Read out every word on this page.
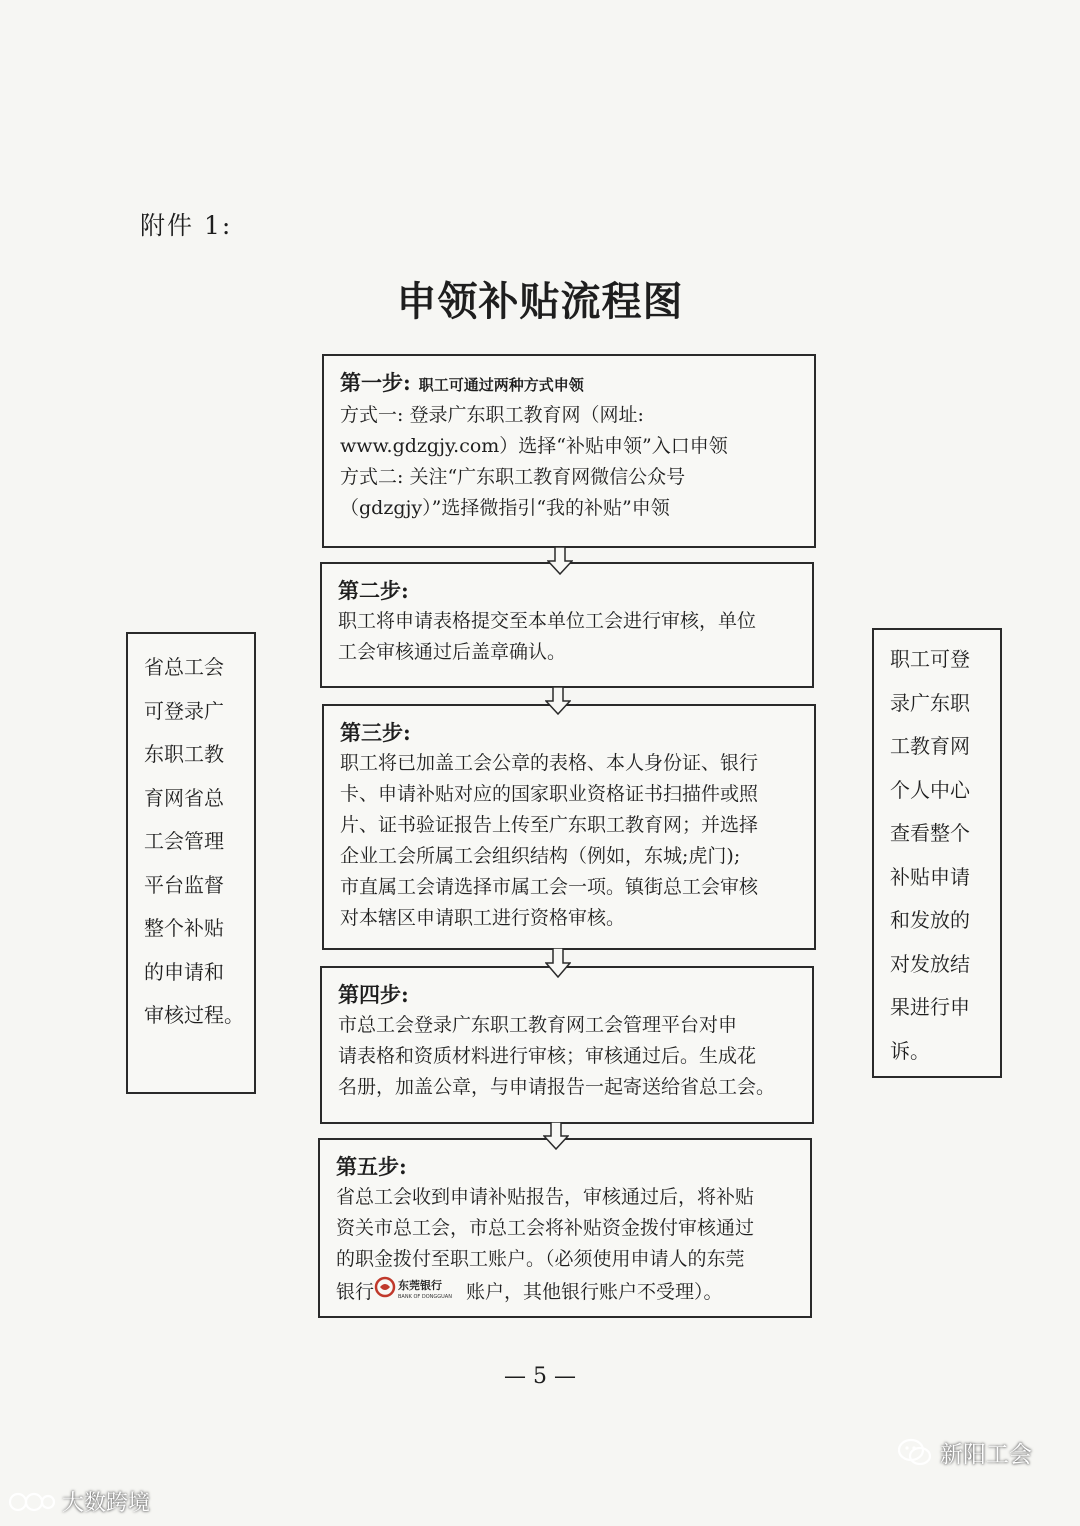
附件 1:
申领补贴流程图
第一步: 职工可通过两种方式申领
方式一: 登录广东职工教育网（网址:
www.gdzgjy.com）选择“补贴申领”入口申领
方式二: 关注“广东职工教育网微信公众号
（gdzgjy）”选择微指引“我的补贴”申领
第二步:
职工将申请表格提交至本单位工会进行审核，单位
工会审核通过后盖章确认。
第三步:
职工将已加盖工会公章的表格、本人身份证、银行
卡、申请补贴对应的国家职业资格证书扫描件或照
片、证书验证报告上传至广东职工教育网；并选择
企业工会所属工会组织结构（例如，东城;虎门);
市直属工会请选择市属工会一项。镇街总工会审核
对本辖区申请职工进行资格审核。
第四步:
市总工会登录广东职工教育网工会管理平台对申
请表格和资质材料进行审核；审核通过后。生成花
名册，加盖公章，与申请报告一起寄送给省总工会。
第五步:
省总工会收到申请补贴报告，审核通过后，将补贴
资关市总工会，市总工会将补贴资金拨付审核通过
的职金拨付至职工账户。（必须使用申请人的东莞
银行 东莞银行
BANK OF DONGGUAN 账户，其他银行账户不受理）。
省总工会
可登录广
东职工教
育网省总
工会管理
平台监督
整个补贴
的申请和
审核过程。
职工可登
录广东职
工教育网
个人中心
查看整个
补贴申请
和发放的
对发放结
果进行申
诉。
— 5 —
新阳工会
大数跨境
